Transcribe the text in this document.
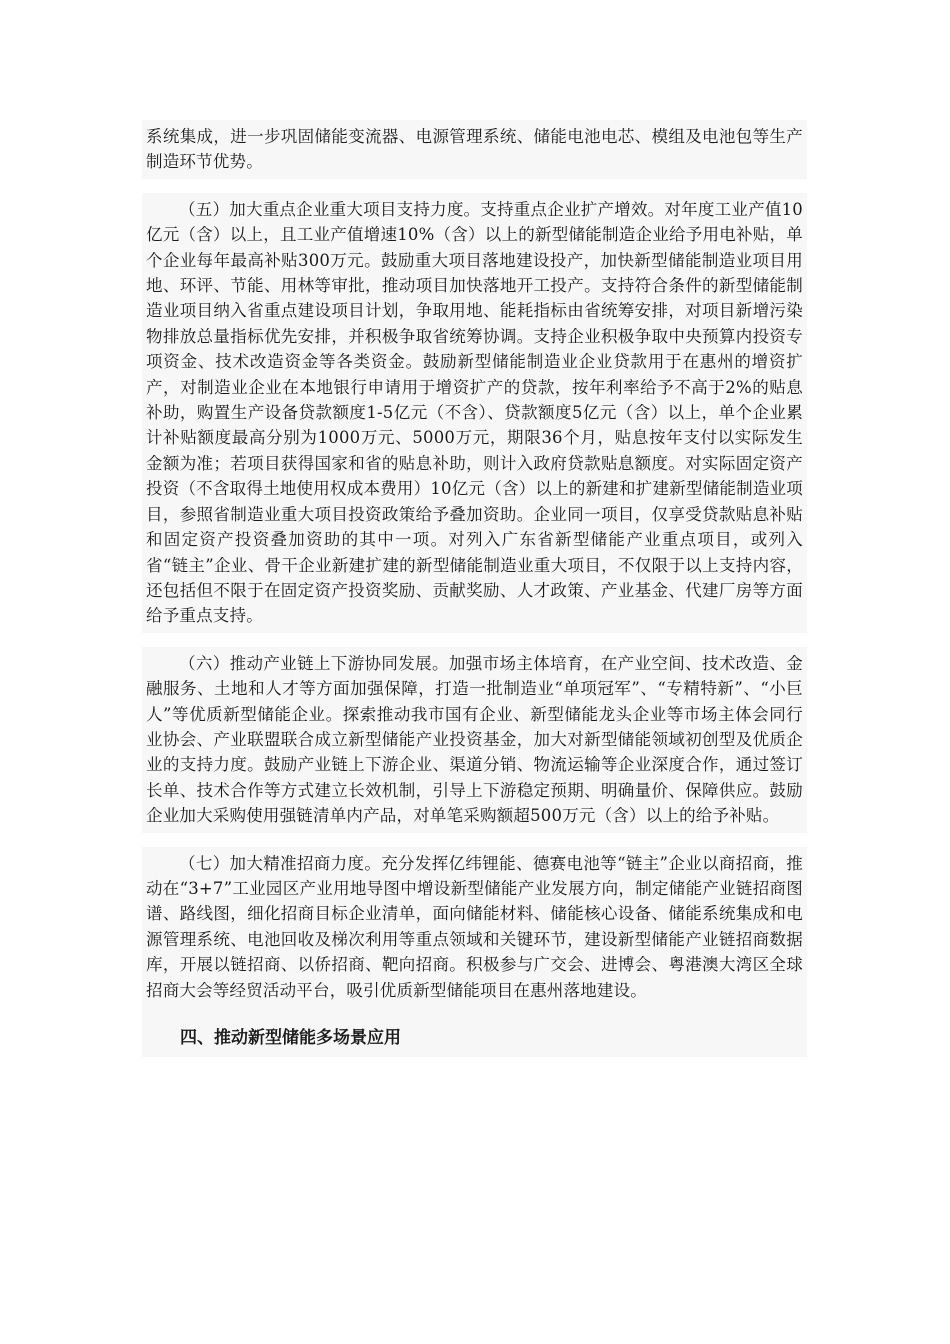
系统集成，进一步巩固储能变流器、电源管理系统、储能电池电芯、模组及电池包等生产制造环节优势。

（五）加大重点企业重大项目支持力度。支持重点企业扩产增效。对年度工业产值10亿元（含）以上，且工业产值增速10%（含）以上的新型储能制造企业给予用电补贴，单个企业每年最高补贴300万元。鼓励重大项目落地建设投产，加快新型储能制造业项目用地、环评、节能、用林等审批，推动项目加快落地开工投产。支持符合条件的新型储能制造业项目纳入省重点建设项目计划，争取用地、能耗指标由省统筹安排，对项目新增污染物排放总量指标优先安排，并积极争取省统筹协调。支持企业积极争取中央预算内投资专项资金、技术改造资金等各类资金。鼓励新型储能制造业企业贷款用于在惠州的增资扩产，对制造业企业在本地银行申请用于增资扩产的贷款，按年利率给予不高于2%的贴息补助，购置生产设备贷款额度1-5亿元（不含）、贷款额度5亿元（含）以上，单个企业累计补贴额度最高分别为1000万元、5000万元，期限36个月，贴息按年支付以实际发生金额为准；若项目获得国家和省的贴息补助，则计入政府贷款贴息额度。对实际固定资产投资（不含取得土地使用权成本费用）10亿元（含）以上的新建和扩建新型储能制造业项目，参照省制造业重大项目投资政策给予叠加资助。企业同一项目，仅享受贷款贴息补贴和固定资产投资叠加资助的其中一项。对列入广东省新型储能产业重点项目，或列入省“链主”企业、骨干企业新建扩建的新型储能制造业重大项目，不仅限于以上支持内容，还包括但不限于在固定资产投资奖励、贡献奖励、人才政策、产业基金、代建厂房等方面给予重点支持。

（六）推动产业链上下游协同发展。加强市场主体培育，在产业空间、技术改造、金融服务、土地和人才等方面加强保障，打造一批制造业“单项冠军”、“专精特新”、“小巨人”等优质新型储能企业。探索推动我市国有企业、新型储能龙头企业等市场主体会同行业协会、产业联盟联合成立新型储能产业投资基金，加大对新型储能领域初创型及优质企业的支持力度。鼓励产业链上下游企业、渠道分销、物流运输等企业深度合作，通过签订长单、技术合作等方式建立长效机制，引导上下游稳定预期、明确量价、保障供应。鼓励企业加大采购使用强链清单内产品，对单笔采购额超500万元（含）以上的给予补贴。

（七）加大精准招商力度。充分发挥亿纬锂能、德赛电池等“链主”企业以商招商，推动在“3+7”工业园区产业用地导图中增设新型储能产业发展方向，制定储能产业链招商图谱、路线图，细化招商目标企业清单，面向储能材料、储能核心设备、储能系统集成和电源管理系统、电池回收及梯次利用等重点领域和关键环节，建设新型储能产业链招商数据库，开展以链招商、以侨招商、靶向招商。积极参与广交会、进博会、粤港澳大湾区全球招商大会等经贸活动平台，吸引优质新型储能项目在惠州落地建设。

四、推动新型储能多场景应用
